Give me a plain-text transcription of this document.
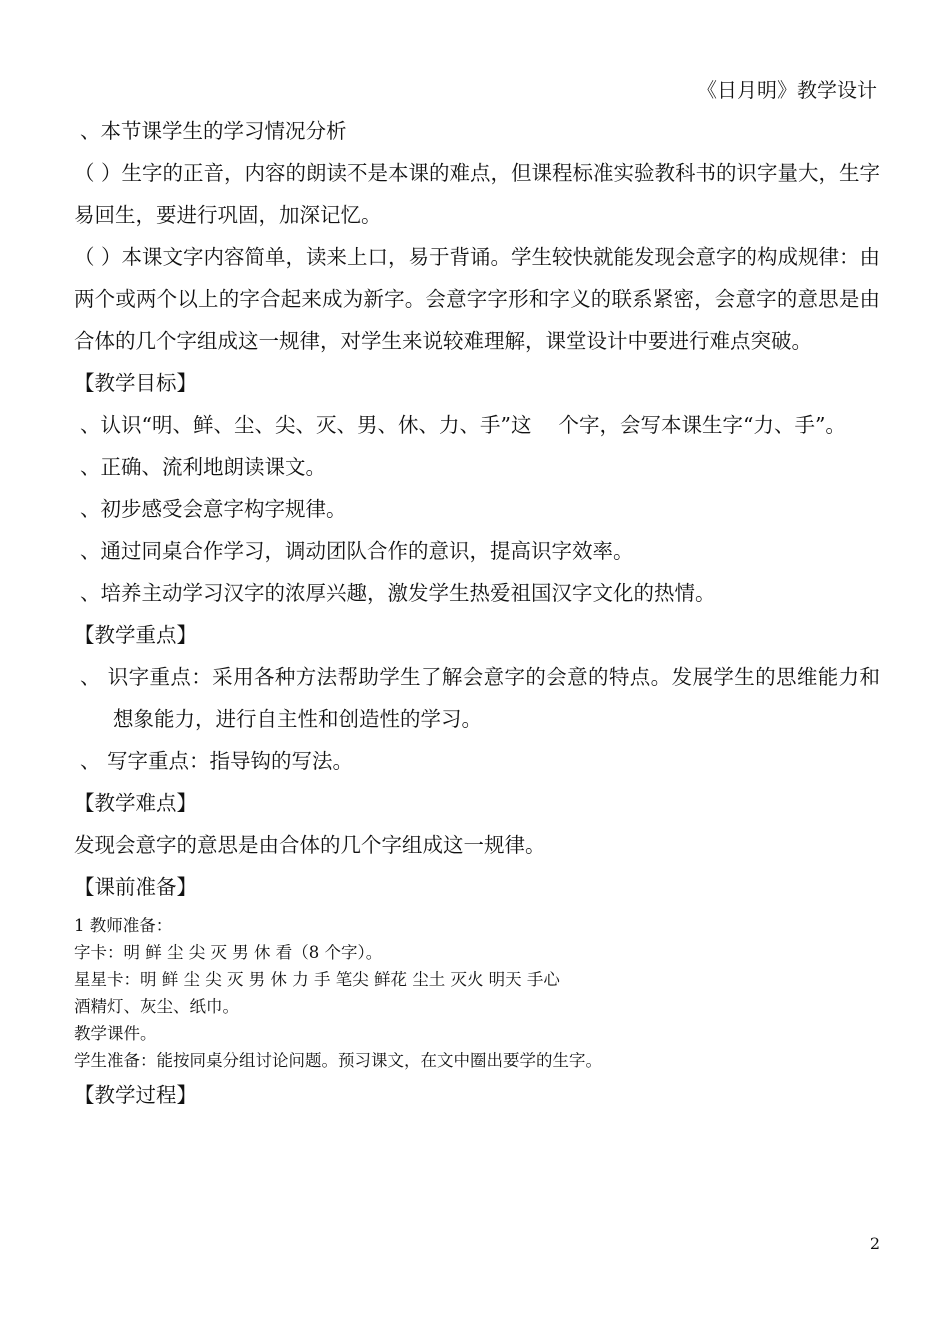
《日月明》教学设计

、本节课学生的学习情况分析

（ ）生字的正音，内容的朗读不是本课的难点，但课程标准实验教科书的识字量大，生字易回生，要进行巩固，加深记忆。

（ ）本课文字内容简单，读来上口，易于背诵。学生较快就能发现会意字的构成规律：由两个或两个以上的字合起来成为新字。会意字字形和字义的联系紧密，会意字的意思是由合体的几个字组成这一规律，对学生来说较难理解，课堂设计中要进行难点突破。

【教学目标】

、认识“明、鲜、尘、尖、灭、男、休、力、手”这　 个字，会写本课生字“力、手”。

、正确、流利地朗读课文。

、初步感受会意字构字规律。

、通过同桌合作学习，调动团队合作的意识，提高识字效率。

、培养主动学习汉字的浓厚兴趣，激发学生热爱祖国汉字文化的热情。

【教学重点】

、 识字重点：采用各种方法帮助学生了解会意字的会意的特点。发展学生的思维能力和想象能力，进行自主性和创造性的学习。

、 写字重点：指导钩的写法。

【教学难点】

发现会意字的意思是由合体的几个字组成这一规律。

【课前准备】

1 教师准备：

字卡：明 鲜 尘 尖 灭 男 休 看（8 个字）。

星星卡：明 鲜 尘 尖 灭 男 休 力 手 笔尖 鲜花 尘土 灭火 明天 手心

酒精灯、灰尘、纸巾。

教学课件。

学生准备：能按同桌分组讨论问题。预习课文，在文中圈出要学的生字。

【教学过程】

2
